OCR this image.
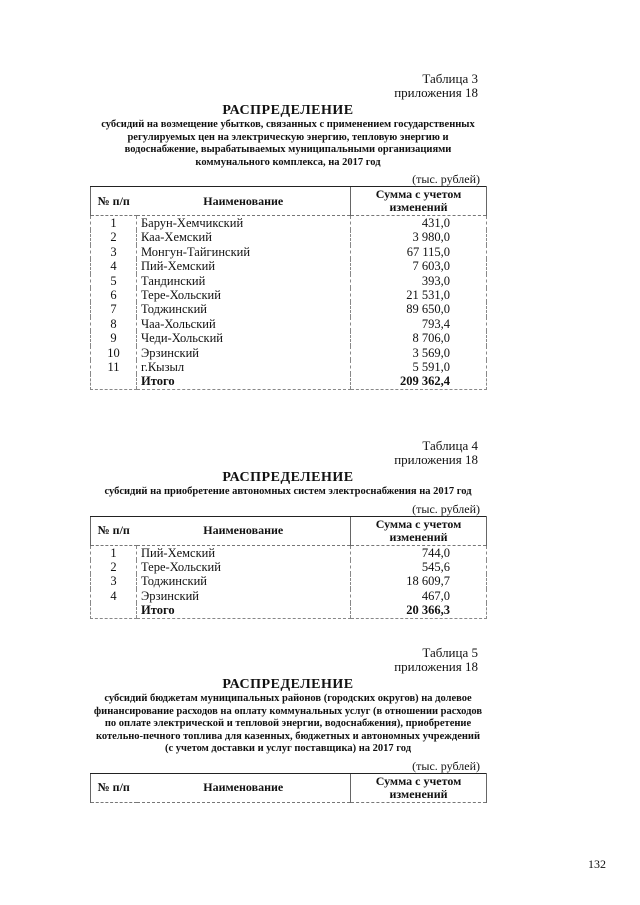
Таблица 3
приложения 18
РАСПРЕДЕЛЕНИЕ
субсидий на возмещение убытков, связанных с применением государственных регулируемых цен на электрическую энергию, тепловую энергию и водоснабжение, вырабатываемых муниципальными организациями коммунального комплекса, на 2017 год
(тыс. рублей)
№ п/п	Наименование	Сумма с учетом изменений
1	Барун-Хемчикский	431,0
2	Каа-Хемский	3 980,0
3	Монгун-Тайгинский	67 115,0
4	Пий-Хемский	7 603,0
5	Тандинский	393,0
6	Тере-Хольский	21 531,0
7	Тоджинский	89 650,0
8	Чаа-Хольский	793,4
9	Чеди-Хольский	8 706,0
10	Эрзинский	3 569,0
11	г.Кызыл	5 591,0
	Итого	209 362,4
Таблица 4
приложения 18
РАСПРЕДЕЛЕНИЕ
субсидий на приобретение автономных систем электроснабжения на 2017 год
(тыс. рублей)
№ п/п	Наименование	Сумма с учетом изменений
1	Пий-Хемский	744,0
2	Тере-Хольский	545,6
3	Тоджинский	18 609,7
4	Эрзинский	467,0
	Итого	20 366,3
Таблица 5
приложения 18
РАСПРЕДЕЛЕНИЕ
субсидий бюджетам муниципальных районов (городских округов) на долевое финансирование расходов на оплату коммунальных услуг (в отношении расходов по оплате электрической и тепловой энергии, водоснабжения), приобретение котельно-печного топлива для казенных, бюджетных и автономных учреждений (с учетом доставки и услуг поставщика) на 2017 год
(тыс. рублей)
№ п/п	Наименование	Сумма с учетом изменений
132
